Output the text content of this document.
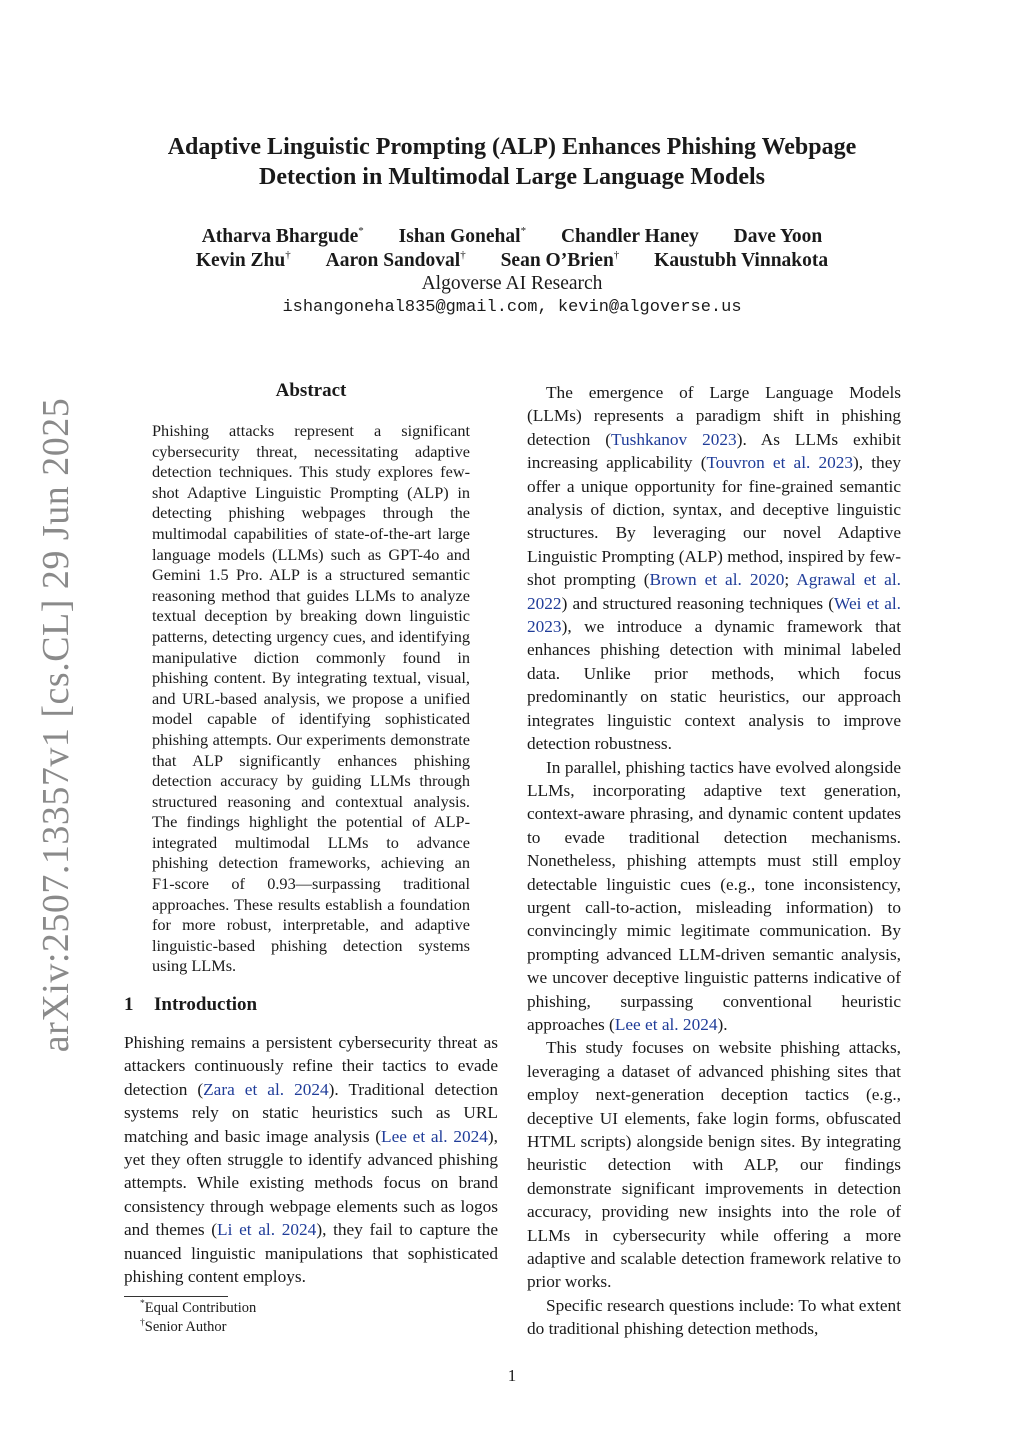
arXiv:2507.13357v1 [cs.CL] 29 Jun 2025
Adaptive Linguistic Prompting (ALP) Enhances Phishing Webpage
Detection in Multimodal Large Language Models
Atharva Bhargude* Ishan Gonehal* Chandler Haney Dave Yoon
Kevin Zhu† Aaron Sandoval† Sean O’Brien† Kaustubh Vinnakota
Algoverse AI Research
ishangonehal835@gmail.com, kevin@algoverse.us
Abstract
Phishing attacks represent a significant cybersecurity threat, necessitating adaptive detection techniques. This study explores few-shot Adaptive Linguistic Prompting (ALP) in detecting phishing webpages through the multimodal capabilities of state-of-the-art large language models (LLMs) such as GPT-4o and Gemini 1.5 Pro. ALP is a structured semantic reasoning method that guides LLMs to analyze textual deception by breaking down linguistic patterns, detecting urgency cues, and identifying manipulative diction commonly found in phishing content. By integrating textual, visual, and URL-based analysis, we propose a unified model capable of identifying sophisticated phishing attempts. Our experiments demonstrate that ALP significantly enhances phishing detection accuracy by guiding LLMs through structured reasoning and contextual analysis. The findings highlight the potential of ALP-integrated multimodal LLMs to advance phishing detection frameworks, achieving an F1-score of 0.93—surpassing traditional approaches. These results establish a foundation for more robust, interpretable, and adaptive linguistic-based phishing detection systems using LLMs.
1 Introduction
Phishing remains a persistent cybersecurity threat as attackers continuously refine their tactics to evade detection (Zara et al. 2024). Traditional detection systems rely on static heuristics such as URL matching and basic image analysis (Lee et al. 2024), yet they often struggle to identify advanced phishing attempts. While existing methods focus on brand consistency through webpage elements such as logos and themes (Li et al. 2024), they fail to capture the nuanced linguistic manipulations that sophisticated phishing content employs.
*Equal Contribution
†Senior Author

The emergence of Large Language Models (LLMs) represents a paradigm shift in phishing detection (Tushkanov 2023). As LLMs exhibit increasing applicability (Touvron et al. 2023), they offer a unique opportunity for fine-grained semantic analysis of diction, syntax, and deceptive linguistic structures. By leveraging our novel Adaptive Linguistic Prompting (ALP) method, inspired by few-shot prompting (Brown et al. 2020; Agrawal et al. 2022) and structured reasoning techniques (Wei et al. 2023), we introduce a dynamic framework that enhances phishing detection with minimal labeled data. Unlike prior methods, which focus predominantly on static heuristics, our approach integrates linguistic context analysis to improve detection robustness.

In parallel, phishing tactics have evolved alongside LLMs, incorporating adaptive text generation, context-aware phrasing, and dynamic content updates to evade traditional detection mechanisms. Nonetheless, phishing attempts must still employ detectable linguistic cues (e.g., tone inconsistency, urgent call-to-action, misleading information) to convincingly mimic legitimate communication. By prompting advanced LLM-driven semantic analysis, we uncover deceptive linguistic patterns indicative of phishing, surpassing conventional heuristic approaches (Lee et al. 2024).

This study focuses on website phishing attacks, leveraging a dataset of advanced phishing sites that employ next-generation deception tactics (e.g., deceptive UI elements, fake login forms, obfuscated HTML scripts) alongside benign sites. By integrating heuristic detection with ALP, our findings demonstrate significant improvements in detection accuracy, providing new insights into the role of LLMs in cybersecurity while offering a more adaptive and scalable detection framework relative to prior works.

Specific research questions include: To what extent do traditional phishing detection methods,

1
